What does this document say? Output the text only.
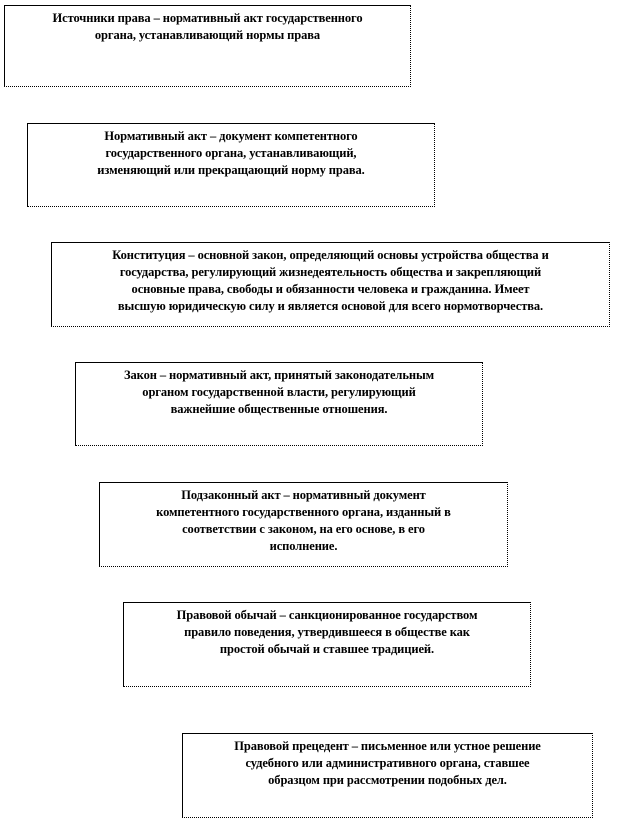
Источники права – нормативный акт государственного
органа, устанавливающий нормы права

Нормативный акт – документ компетентного
государственного органа, устанавливающий,
изменяющий или прекращающий норму права.

Конституция – основной закон, определяющий основы устройства общества и
государства, регулирующий жизнедеятельность общества и закрепляющий
основные права, свободы и обязанности человека и гражданина. Имеет
высшую юридическую силу и является основой для всего нормотворчества.

Закон – нормативный акт, принятый законодательным
органом государственной власти, регулирующий
важнейшие общественные отношения.

Подзаконный акт – нормативный документ
компетентного государственного органа, изданный в
соответствии с законом, на его основе, в его
исполнение.

Правовой обычай – санкционированное государством
правило поведения, утвердившееся в обществе как
простой обычай и ставшее традицией.

Правовой прецедент – письменное или устное решение
судебного или административного органа, ставшее
образцом при рассмотрении подобных дел.
